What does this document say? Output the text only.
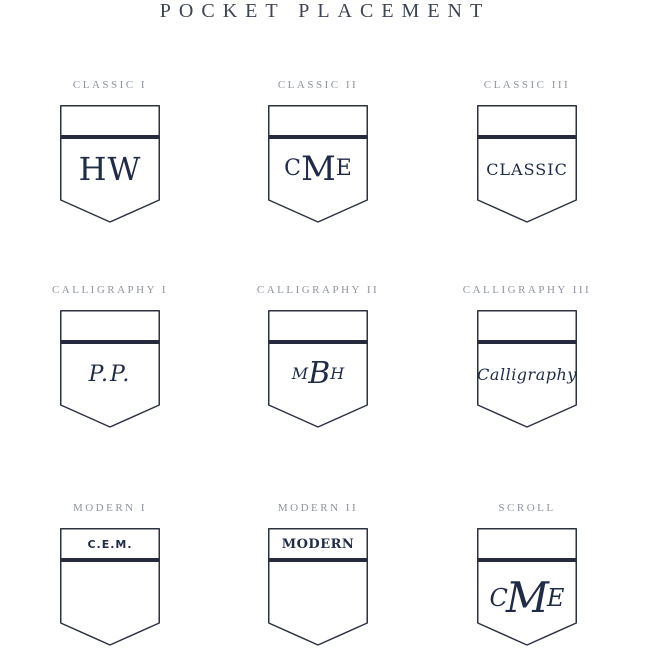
POCKET PLACEMENT
CLASSIC I
HW
CLASSIC II
C M E
CLASSIC III
CLASSIC
CALLIGRAPHY I
P.P.
CALLIGRAPHY II
M B H
CALLIGRAPHY III
Calligraphy
MODERN I
C.E.M.
MODERN II
MODERN
SCROLL
C
M
E
